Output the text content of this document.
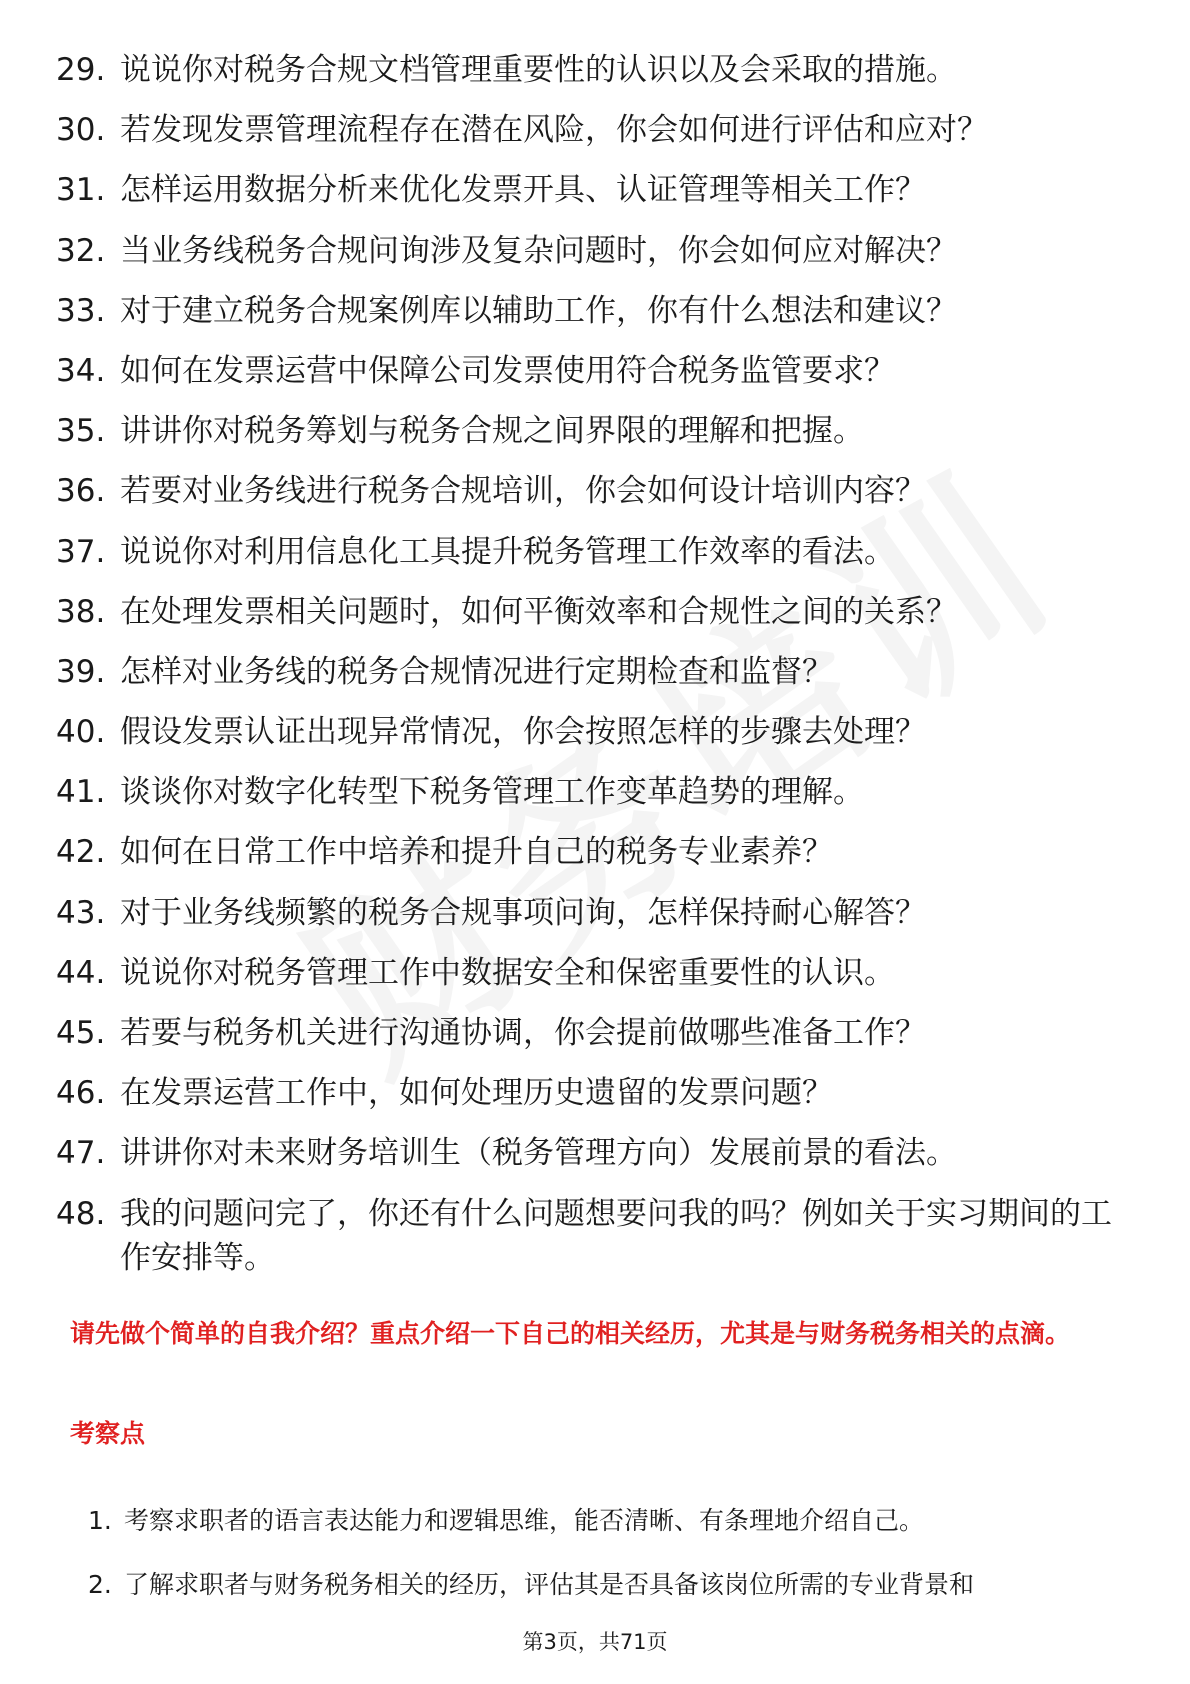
29. 说说你对税务合规文档管理重要性的认识以及会采取的措施。
30. 若发现发票管理流程存在潜在风险，你会如何进行评估和应对？
31. 怎样运用数据分析来优化发票开具、认证管理等相关工作？
32. 当业务线税务合规问询涉及复杂问题时，你会如何应对解决？
33. 对于建立税务合规案例库以辅助工作，你有什么想法和建议？
34. 如何在发票运营中保障公司发票使用符合税务监管要求？
35. 讲讲你对税务筹划与税务合规之间界限的理解和把握。
36. 若要对业务线进行税务合规培训，你会如何设计培训内容？
37. 说说你对利用信息化工具提升税务管理工作效率的看法。
38. 在处理发票相关问题时，如何平衡效率和合规性之间的关系？
39. 怎样对业务线的税务合规情况进行定期检查和监督？
40. 假设发票认证出现异常情况，你会按照怎样的步骤去处理？
41. 谈谈你对数字化转型下税务管理工作变革趋势的理解。
42. 如何在日常工作中培养和提升自己的税务专业素养？
43. 对于业务线频繁的税务合规事项问询，怎样保持耐心解答？
44. 说说你对税务管理工作中数据安全和保密重要性的认识。
45. 若要与税务机关进行沟通协调，你会提前做哪些准备工作？
46. 在发票运营工作中，如何处理历史遗留的发票问题？
47. 讲讲你对未来财务培训生（税务管理方向）发展前景的看法。
48. 我的问题问完了，你还有什么问题想要问我的吗？例如关于实习期间的工作安排等。

请先做个简单的自我介绍？重点介绍一下自己的相关经历，尤其是与财务税务相关的点滴。

考察点

1. 考察求职者的语言表达能力和逻辑思维，能否清晰、有条理地介绍自己。
2. 了解求职者与财务税务相关的经历，评估其是否具备该岗位所需的专业背景和
第3页，共71页
